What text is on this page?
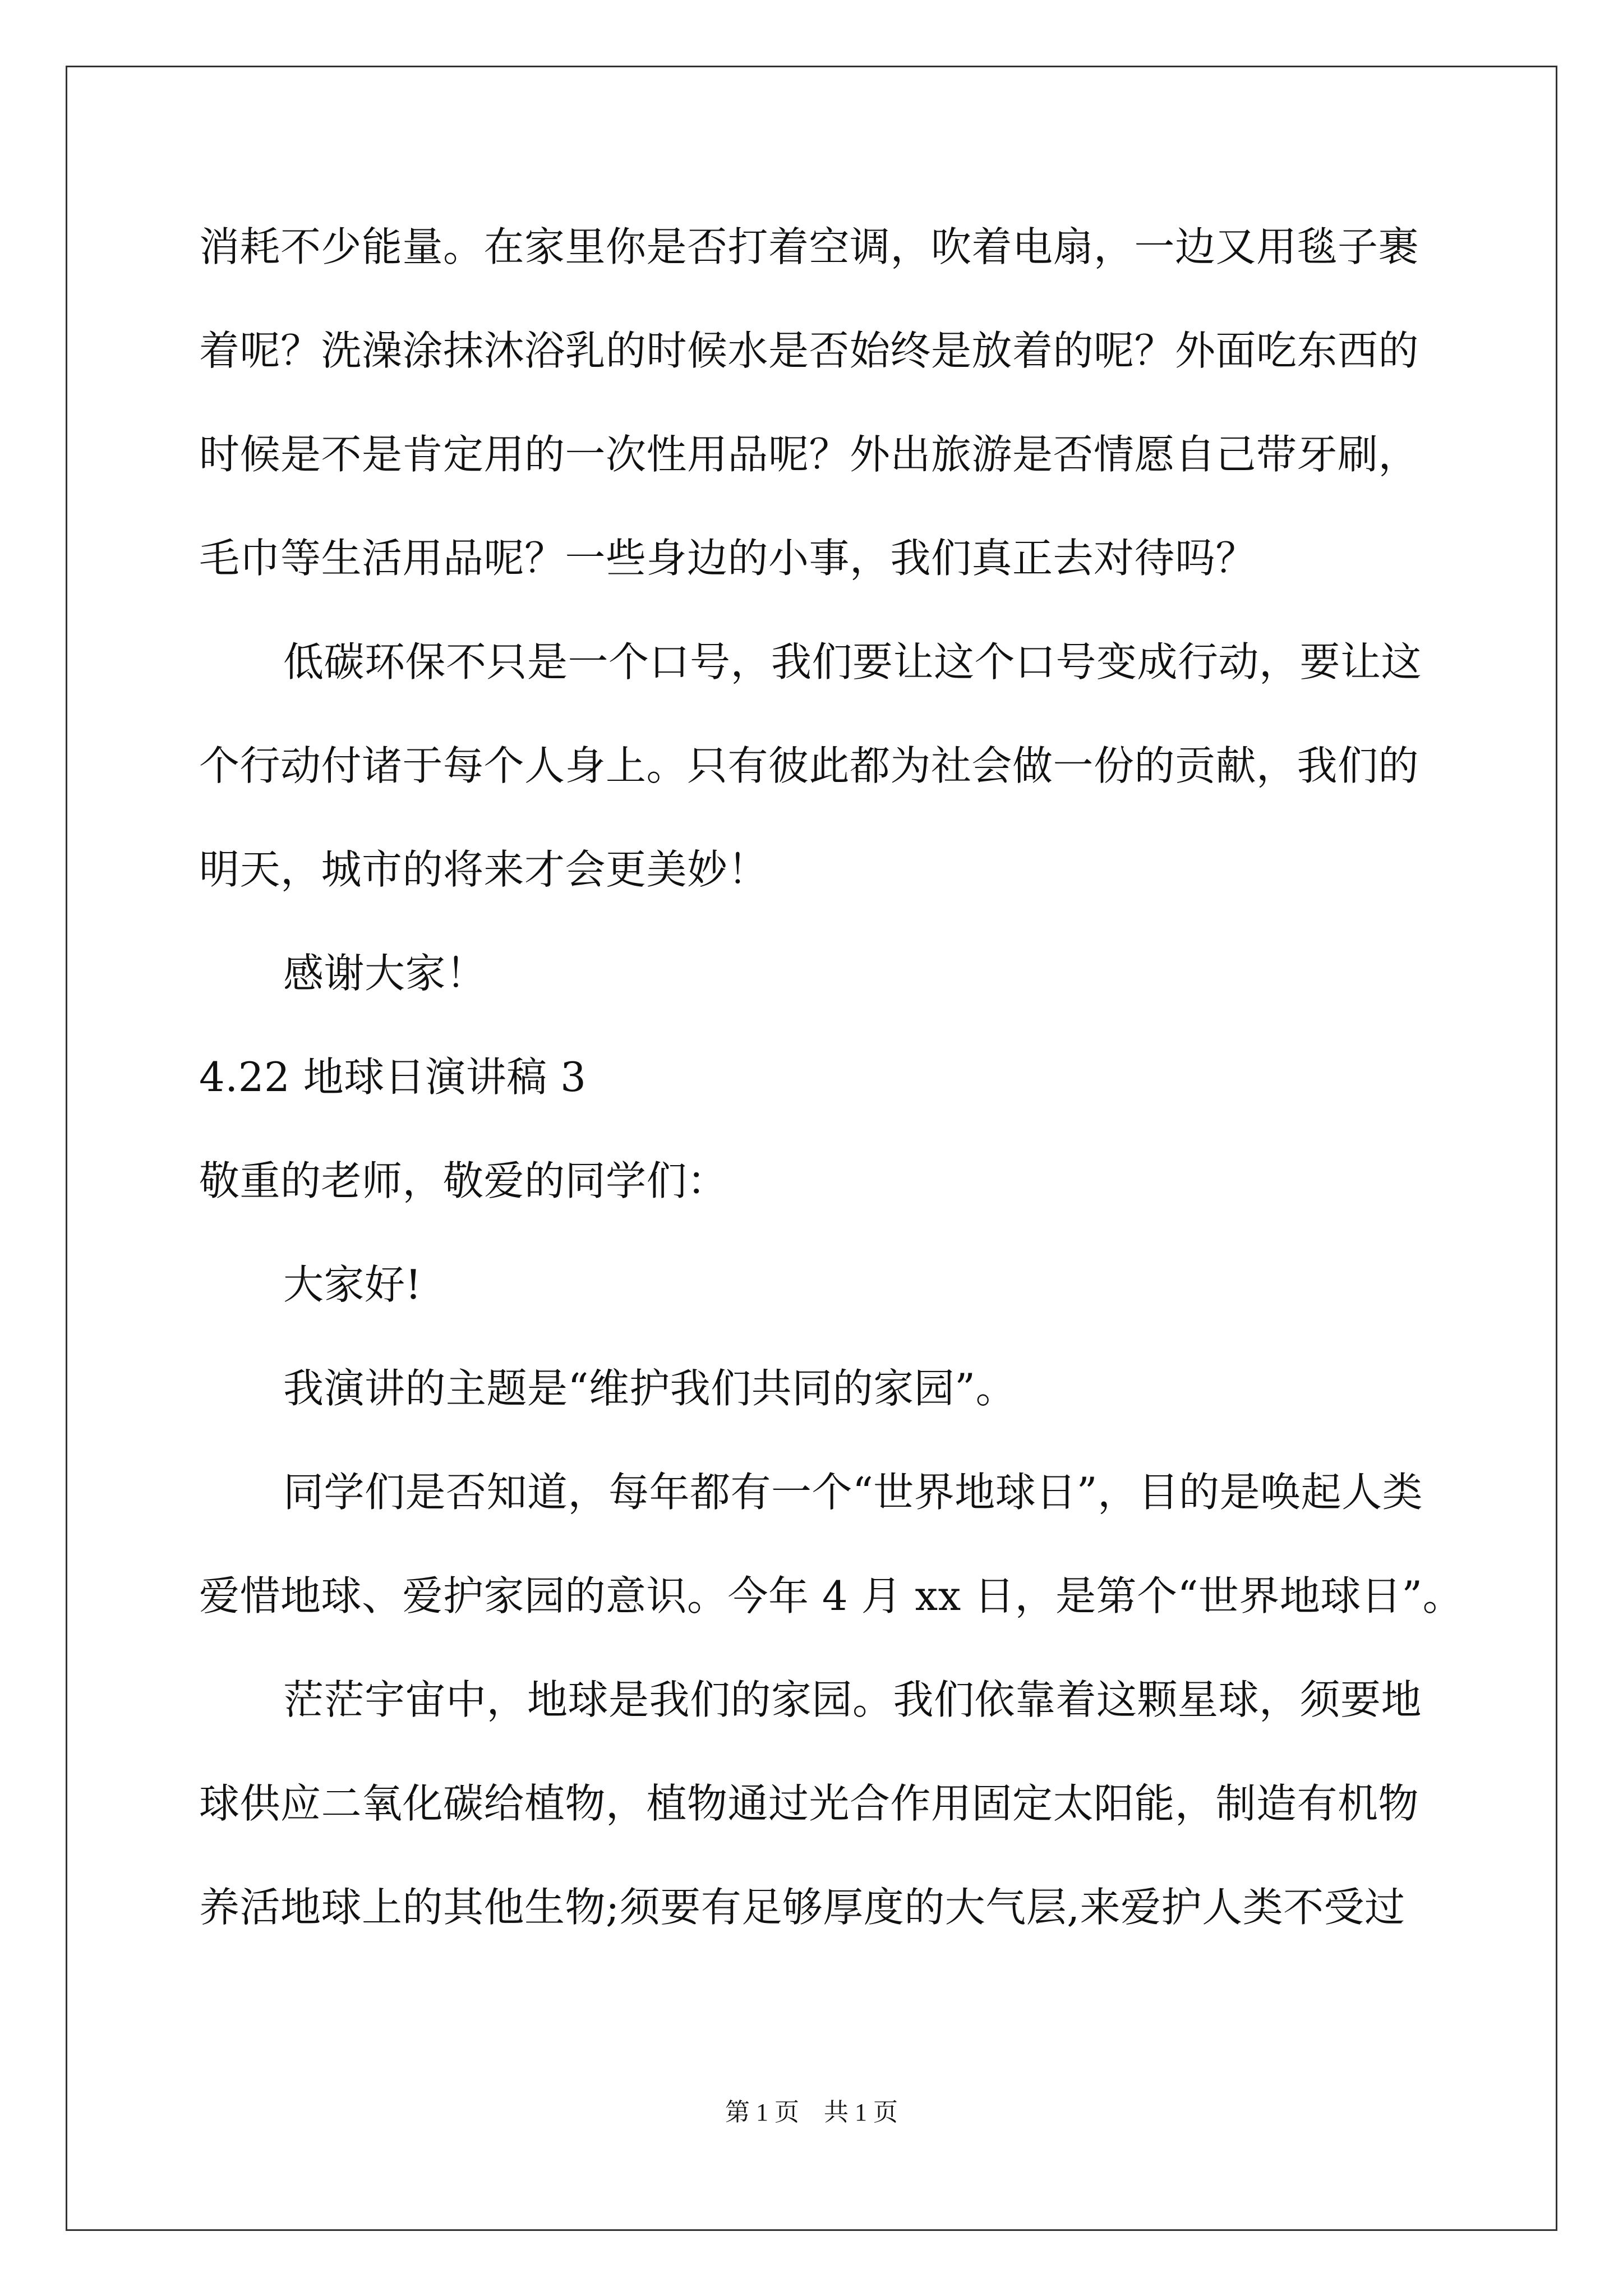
消耗不少能量。在家里你是否打着空调，吹着电扇，一边又用毯子裹
着呢？洗澡涂抹沐浴乳的时候水是否始终是放着的呢？外面吃东西的
时候是不是肯定用的一次性用品呢？外出旅游是否情愿自己带牙刷，
毛巾等生活用品呢？一些身边的小事，我们真正去对待吗？
低碳环保不只是一个口号，我们要让这个口号变成行动，要让这
个行动付诸于每个人身上。只有彼此都为社会做一份的贡献，我们的
明天，城市的将来才会更美妙！
感谢大家！
4.22 地球日演讲稿 3
敬重的老师，敬爱的同学们：
大家好!
我演讲的主题是“维护我们共同的家园”。
同学们是否知道，每年都有一个“世界地球日”，目的是唤起人类
爱惜地球、爱护家园的意识。今年 4 月 xx 日，是第个“世界地球日”。
茫茫宇宙中，地球是我们的家园。我们依靠着这颗星球，须要地
球供应二氧化碳给植物，植物通过光合作用固定太阳能，制造有机物
养活地球上的其他生物;须要有足够厚度的大气层,来爱护人类不受过
第 1 页 共 1 页
